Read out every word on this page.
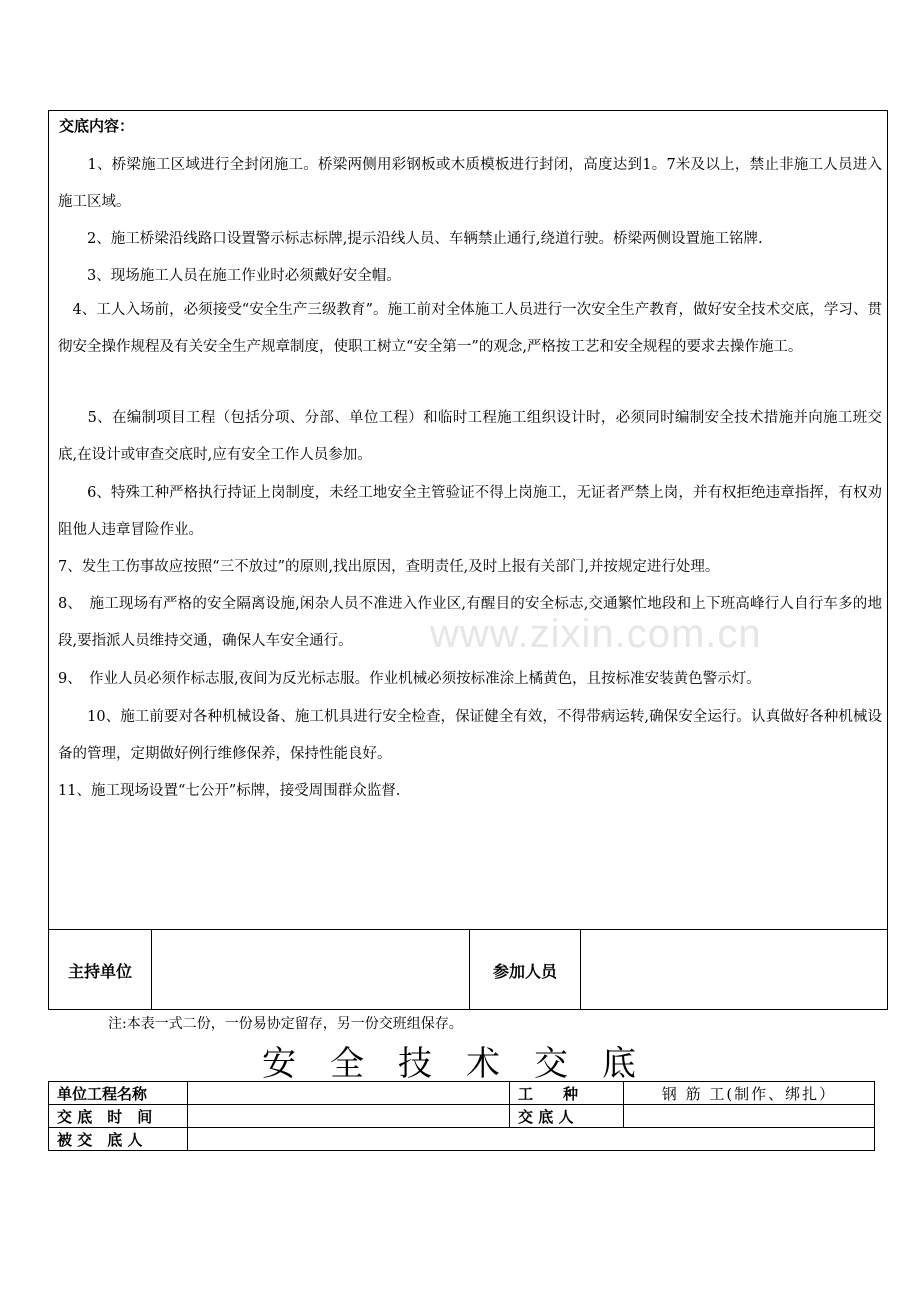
交底内容：
　　1、桥梁施工区域进行全封闭施工。桥梁两侧用彩钢板或木质模板进行封闭，高度达到1。7米及以上，禁止非施工人员进入施工区域。
　　2、施工桥梁沿线路口设置警示标志标牌,提示沿线人员、车辆禁止通行,绕道行驶。桥梁两侧设置施工铭牌.
　　3、现场施工人员在施工作业时必须戴好安全帽。
　4、工人入场前，必须接受“安全生产三级教育”。施工前对全体施工人员进行一次安全生产教育，做好安全技术交底，学习、贯彻安全操作规程及有关安全生产规章制度，使职工树立“安全第一”的观念,严格按工艺和安全规程的要求去操作施工。
　　5、在编制项目工程（包括分项、分部、单位工程）和临时工程施工组织设计时，必须同时编制安全技术措施并向施工班交底,在设计或审查交底时,应有安全工作人员参加。
　　6、特殊工种严格执行持证上岗制度，未经工地安全主管验证不得上岗施工，无证者严禁上岗，并有权拒绝违章指挥，有权劝阻他人违章冒险作业。
7、发生工伤事故应按照“三不放过”的原则,找出原因，查明责任,及时上报有关部门,并按规定进行处理。
8、　施工现场有严格的安全隔离设施,闲杂人员不准进入作业区,有醒目的安全标志,交通繁忙地段和上下班高峰行人自行车多的地段,要指派人员维持交通，确保人车安全通行。
9、　作业人员必须作标志服,夜间为反光标志服。作业机械必须按标准涂上橘黄色，且按标准安装黄色警示灯。
　　10、施工前要对各种机械设备、施工机具进行安全检查，保证健全有效，不得带病运转,确保安全运行。认真做好各种机械设备的管理，定期做好例行维修保养，保持性能良好。
11、施工现场设置“七公开”标牌，接受周围群众监督.
主持单位	参加人员
www.zixin.com.cn
注:本表一式二份，一份易协定留存，另一份交班组保存。
安全技术交底
单位工程名称		工　　种	钢 筋 工(制作、绑扎）
交 底　时　间		交 底 人	
被 交　底 人			
